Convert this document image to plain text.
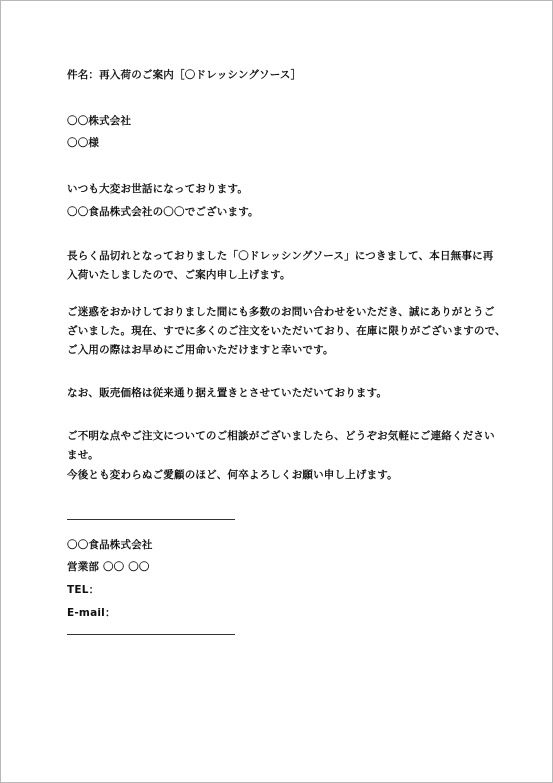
件名：再入荷のご案内［〇ドレッシングソース］
〇〇株式会社
〇〇様
いつも大変お世話になっております。
〇〇食品株式会社の〇〇でございます。
長らく品切れとなっておりました「〇ドレッシングソース」につきまして、本日無事に再
入荷いたしましたので、ご案内申し上げます。
ご迷惑をおかけしておりました間にも多数のお問い合わせをいただき、誠にありがとうご
ざいました。現在、すでに多くのご注文をいただいており、在庫に限りがございますので、
ご入用の際はお早めにご用命いただけますと幸いです。
なお、販売価格は従来通り据え置きとさせていただいております。
ご不明な点やご注文についてのご相談がございましたら、どうぞお気軽にご連絡ください
ませ。
今後とも変わらぬご愛顧のほど、何卒よろしくお願い申し上げます。
〇〇食品株式会社
営業部 〇〇 〇〇
TEL：
E-mail：
